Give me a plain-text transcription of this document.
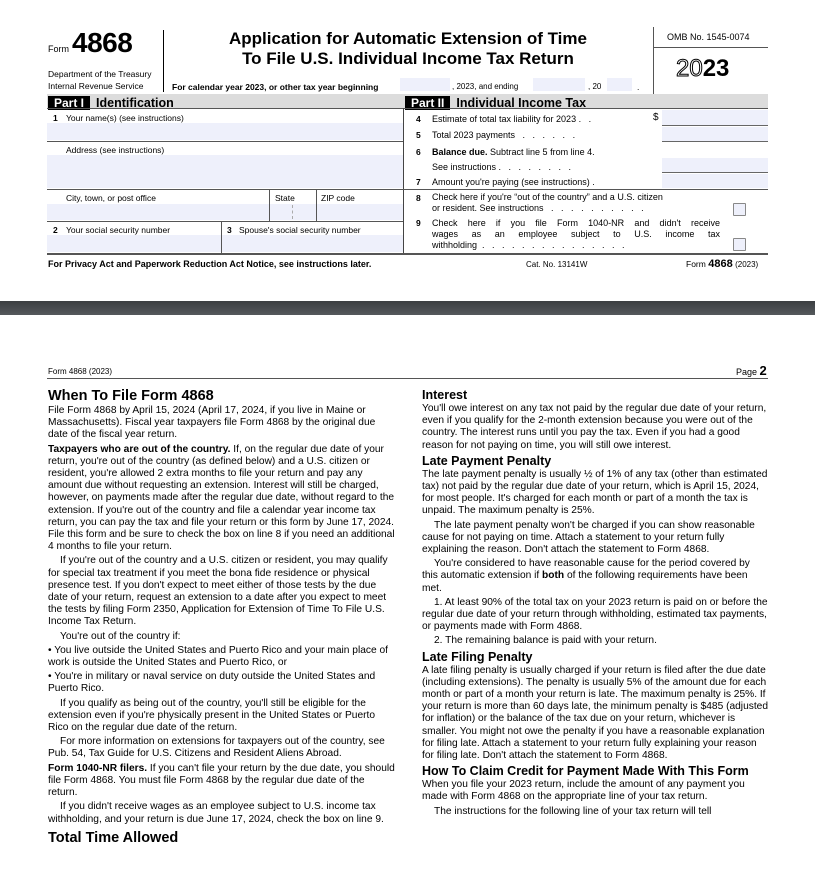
Form 4868
Department of the Treasury
Internal Revenue Service
Application for Automatic Extension of Time
To File U.S. Individual Income Tax Return
OMB No. 1545-0074
2023
For calendar year 2023, or other tax year beginning	, 2023, and ending	, 20	.
Part I Identification	Part II Individual Income Tax
1 Your name(s) (see instructions)
Address (see instructions)
City, town, or post office	State	ZIP code
2 Your social security number	3 Spouse's social security number
4 Estimate of total tax liability for 2023 .   .	$
5 Total 2023 payments   .   .   .   .   .   .
6 Balance due. Subtract line 5 from line 4.
See instructions .   .   .   .   .   .   .   .
7 Amount you're paying (see instructions) .
8 Check here if you're “out of the country” and a U.S. citizen
or resident. See instructions   .   .   .   .   .   .   .   .   .   .
9 Check here if you file Form 1040-NR and didn't receive
wages as an employee subject to U.S. income tax
withholding  .   .   .   .   .   .   .   .   .   .   .   .   .   .   .
For Privacy Act and Paperwork Reduction Act Notice, see instructions later.	Cat. No. 13141W	Form 4868 (2023)
Form 4868 (2023)	Page 2
When To File Form 4868

File Form 4868 by April 15, 2024 (April 17, 2024, if you live in Maine or Massachusetts). Fiscal year taxpayers file Form 4868 by the original due date of the fiscal year return.

Taxpayers who are out of the country. If, on the regular due date of your return, you're out of the country (as defined below) and a U.S. citizen or resident, you're allowed 2 extra months to file your return and pay any amount due without requesting an extension. Interest will still be charged, however, on payments made after the regular due date, without regard to the extension. If you're out of the country and file a calendar year income tax return, you can pay the tax and file your return or this form by June 17, 2024. File this form and be sure to check the box on line 8 if you need an additional 4 months to file your return.

If you're out of the country and a U.S. citizen or resident, you may qualify for special tax treatment if you meet the bona fide residence or physical presence test. If you don't expect to meet either of those tests by the due date of your return, request an extension to a date after you expect to meet the tests by filing Form 2350, Application for Extension of Time To File U.S. Income Tax Return.

You're out of the country if:

• You live outside the United States and Puerto Rico and your main place of work is outside the United States and Puerto Rico, or

• You're in military or naval service on duty outside the United States and Puerto Rico.

If you qualify as being out of the country, you'll still be eligible for the extension even if you're physically present in the United States or Puerto Rico on the regular due date of the return.

For more information on extensions for taxpayers out of the country, see Pub. 54, Tax Guide for U.S. Citizens and Resident Aliens Abroad.

Form 1040-NR filers. If you can't file your return by the due date, you should file Form 4868. You must file Form 4868 by the regular due date of the return.

If you didn't receive wages as an employee subject to U.S. income tax withholding, and your return is due June 17, 2024, check the box on line 9.

Total Time Allowed
Interest

You'll owe interest on any tax not paid by the regular due date of your return, even if you qualify for the 2-month extension because you were out of the country. The interest runs until you pay the tax. Even if you had a good reason for not paying on time, you will still owe interest.

Late Payment Penalty

The late payment penalty is usually ½ of 1% of any tax (other than estimated tax) not paid by the regular due date of your return, which is April 15, 2024, for most people. It's charged for each month or part of a month the tax is unpaid. The maximum penalty is 25%.

The late payment penalty won't be charged if you can show reasonable cause for not paying on time. Attach a statement to your return fully explaining the reason. Don't attach the statement to Form 4868.

You're considered to have reasonable cause for the period covered by this automatic extension if both of the following requirements have been met.

1. At least 90% of the total tax on your 2023 return is paid on or before the regular due date of your return through withholding, estimated tax payments, or payments made with Form 4868.

2. The remaining balance is paid with your return.

Late Filing Penalty

A late filing penalty is usually charged if your return is filed after the due date (including extensions). The penalty is usually 5% of the amount due for each month or part of a month your return is late. The maximum penalty is 25%. If your return is more than 60 days late, the minimum penalty is $485 (adjusted for inflation) or the balance of the tax due on your return, whichever is smaller. You might not owe the penalty if you have a reasonable explanation for filing late. Attach a statement to your return fully explaining your reason for filing late. Don't attach the statement to Form 4868.

How To Claim Credit for Payment Made With This Form

When you file your 2023 return, include the amount of any payment you made with Form 4868 on the appropriate line of your tax return.

The instructions for the following line of your tax return will tell
